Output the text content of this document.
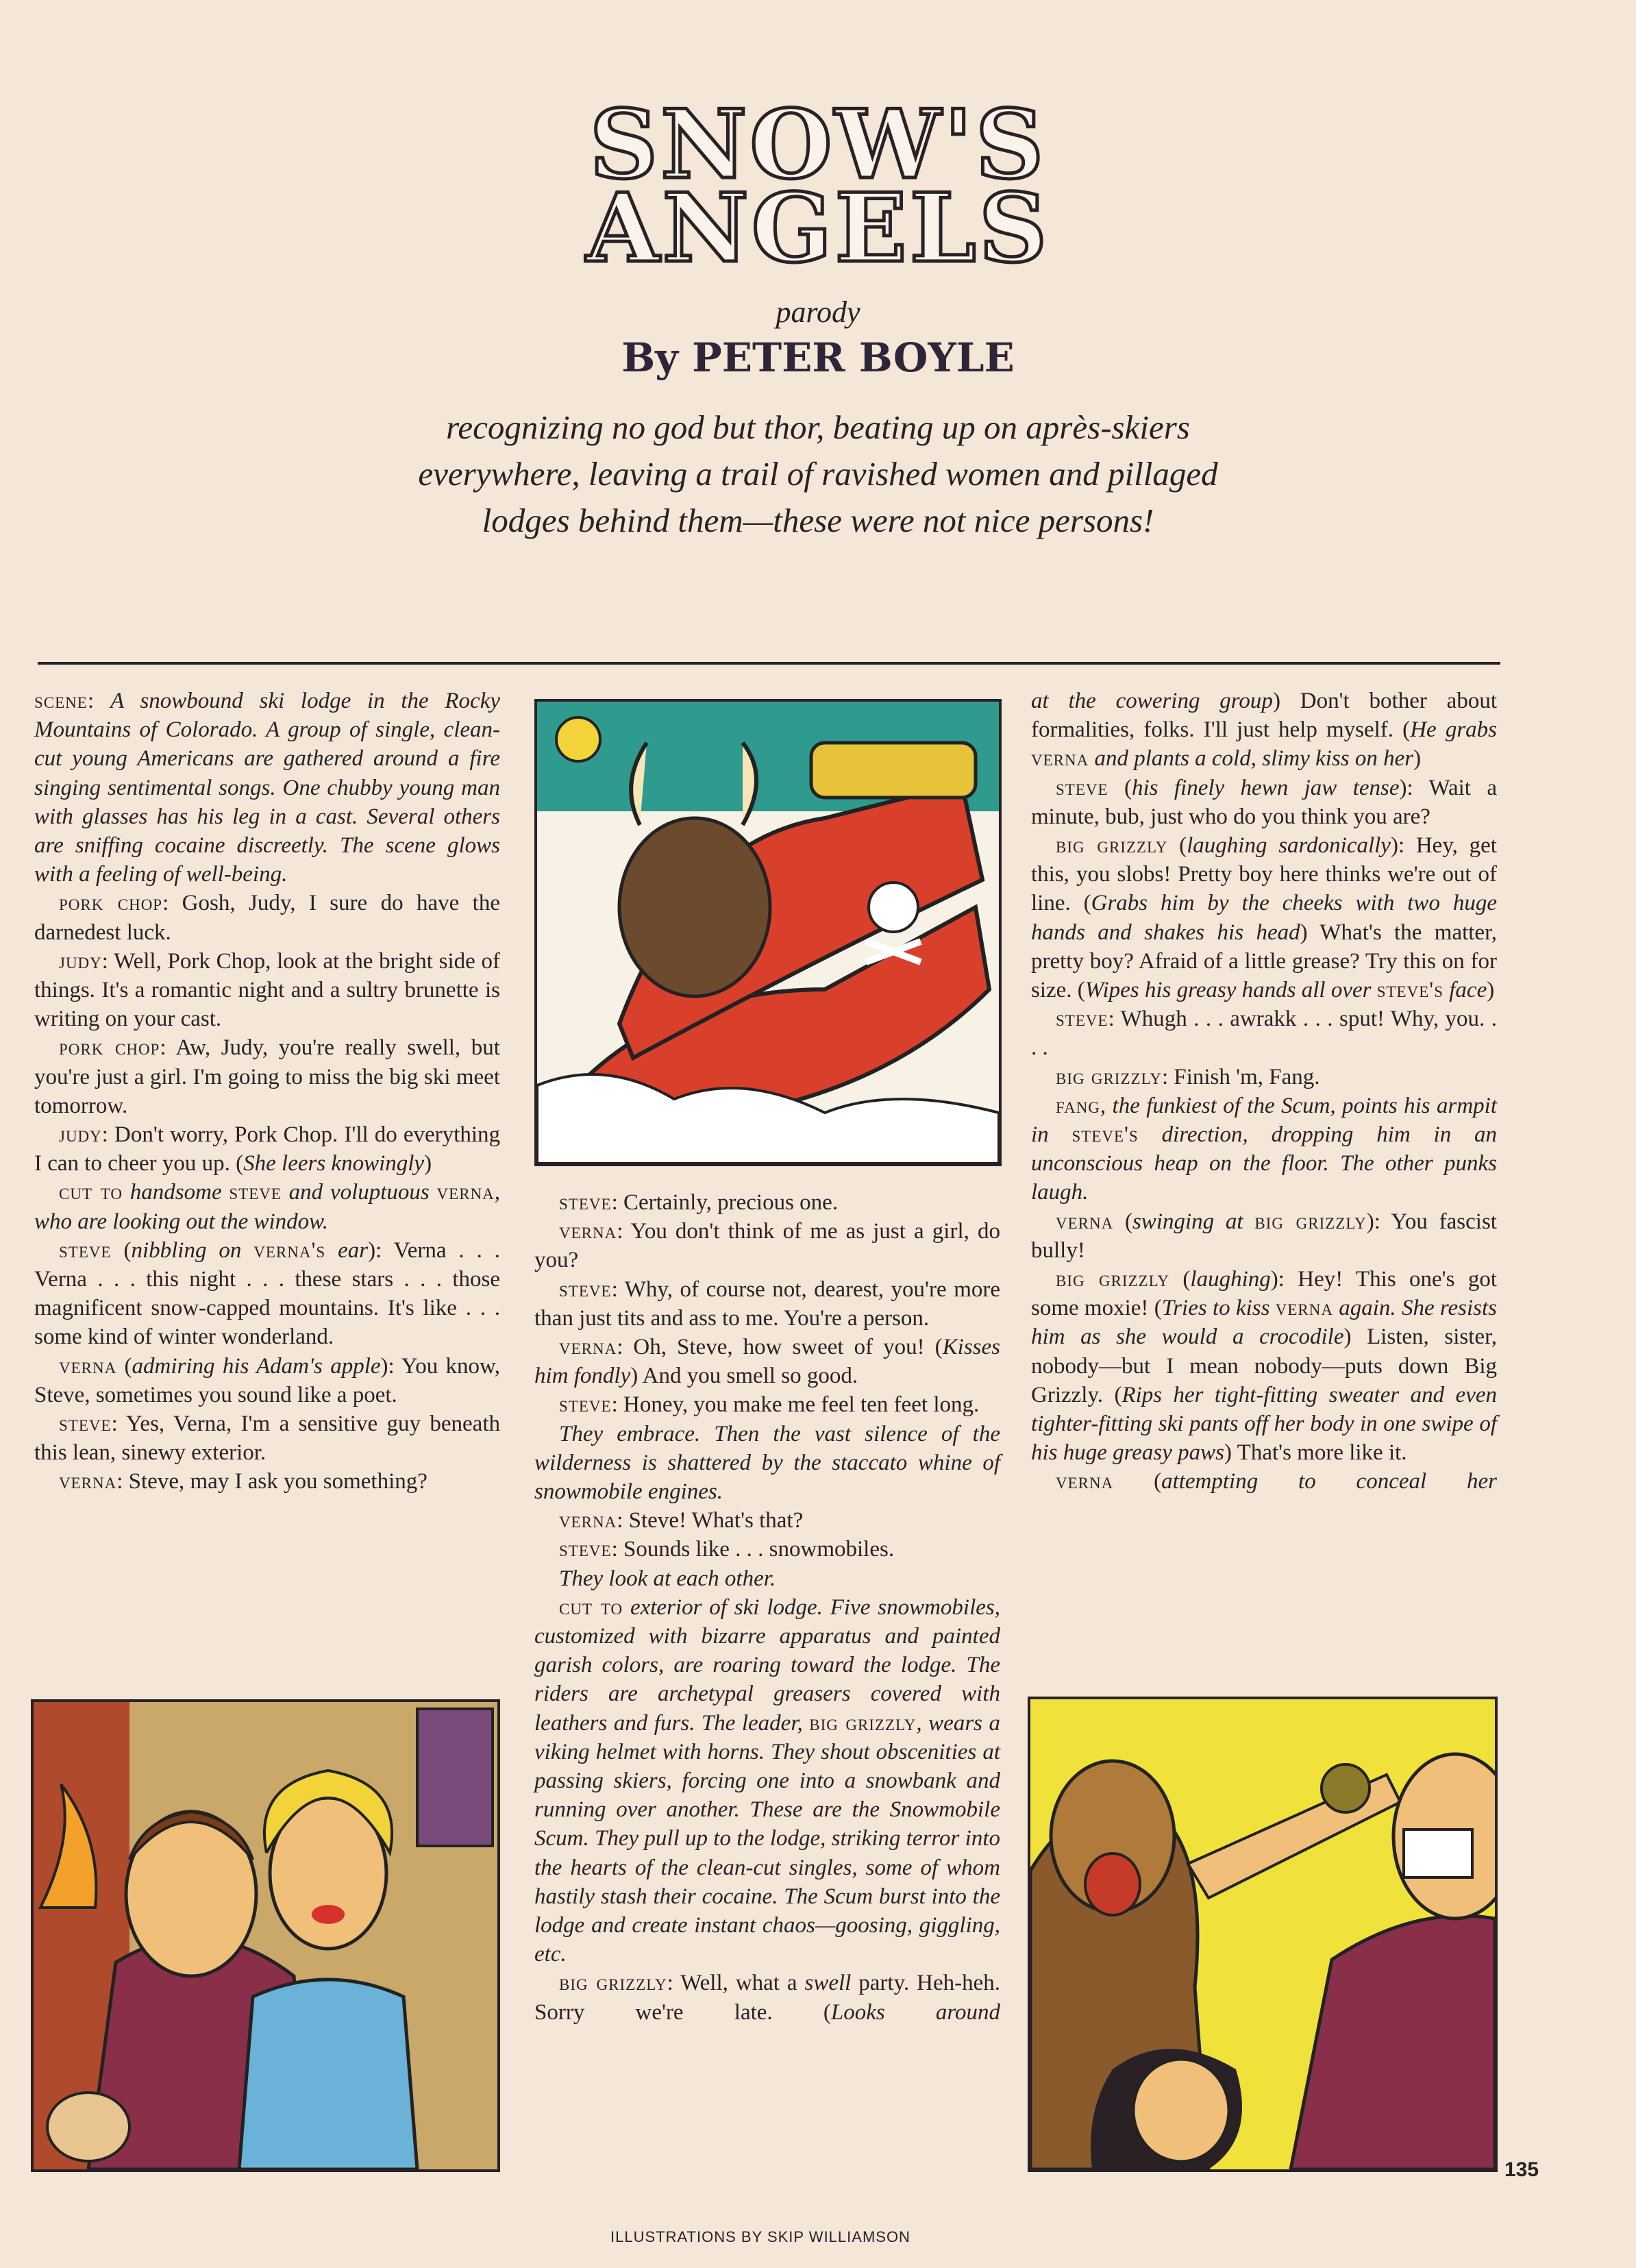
SNOW'S
ANGELS
parody
By PETER BOYLE
recognizing no god but thor, beating up on après-skiers
everywhere, leaving a trail of ravished women and pillaged
lodges behind them—these were not nice persons!

scene: A snowbound ski lodge in the Rocky Mountains of Colorado. A group of single, clean-cut young Americans are gathered around a fire singing sentimental songs. One chubby young man with glasses has his leg in a cast. Several others are sniffing cocaine discreetly. The scene glows with a feeling of well-being.

pork chop: Gosh, Judy, I sure do have the darnedest luck.

judy: Well, Pork Chop, look at the bright side of things. It's a romantic night and a sultry brunette is writing on your cast.

pork chop: Aw, Judy, you're really swell, but you're just a girl. I'm going to miss the big ski meet tomorrow.

judy: Don't worry, Pork Chop. I'll do everything I can to cheer you up. (She leers knowingly)

cut to handsome steve and voluptuous verna, who are looking out the window.

steve (nibbling on verna's ear): Verna . . . Verna . . . this night . . . these stars . . . those magnificent snow-capped mountains. It's like . . . some kind of winter wonderland.

verna (admiring his Adam's apple): You know, Steve, sometimes you sound like a poet.

steve: Yes, Verna, I'm a sensitive guy beneath this lean, sinewy exterior.

verna: Steve, may I ask you something?

steve: Certainly, precious one.

verna: You don't think of me as just a girl, do you?

steve: Why, of course not, dearest, you're more than just tits and ass to me. You're a person.

verna: Oh, Steve, how sweet of you! (Kisses him fondly) And you smell so good.

steve: Honey, you make me feel ten feet long.

They embrace. Then the vast silence of the wilderness is shattered by the staccato whine of snowmobile engines.

verna: Steve! What's that?

steve: Sounds like . . . snowmobiles.

They look at each other.

cut to exterior of ski lodge. Five snowmobiles, customized with bizarre apparatus and painted garish colors, are roaring toward the lodge. The riders are archetypal greasers covered with leathers and furs. The leader, big grizzly, wears a viking helmet with horns. They shout obscenities at passing skiers, forcing one into a snowbank and running over another. These are the Snowmobile Scum. They pull up to the lodge, striking terror into the hearts of the clean-cut singles, some of whom hastily stash their cocaine. The Scum burst into the lodge and create instant chaos—goosing, giggling, etc.

big grizzly: Well, what a swell party. Heh-heh. Sorry we're late. (Looks around

at the cowering group) Don't bother about formalities, folks. I'll just help myself. (He grabs verna and plants a cold, slimy kiss on her)

steve (his finely hewn jaw tense): Wait a minute, bub, just who do you think you are?

big grizzly (laughing sardonically): Hey, get this, you slobs! Pretty boy here thinks we're out of line. (Grabs him by the cheeks with two huge hands and shakes his head) What's the matter, pretty boy? Afraid of a little grease? Try this on for size. (Wipes his greasy hands all over steve's face)

steve: Whugh . . . awrakk . . . sput! Why, you. . . .

big grizzly: Finish 'm, Fang.

fang, the funkiest of the Scum, points his armpit in steve's direction, dropping him in an unconscious heap on the floor. The other punks laugh.

verna (swinging at big grizzly): You fascist bully!

big grizzly (laughing): Hey! This one's got some moxie! (Tries to kiss verna again. She resists him as she would a crocodile) Listen, sister, nobody—but I mean nobody—puts down Big Grizzly. (Rips her tight-fitting sweater and even tighter-fitting ski pants off her body in one swipe of his huge greasy paws) That's more like it.

verna (attempting to conceal her

ILLUSTRATIONS BY SKIP WILLIAMSON
135
